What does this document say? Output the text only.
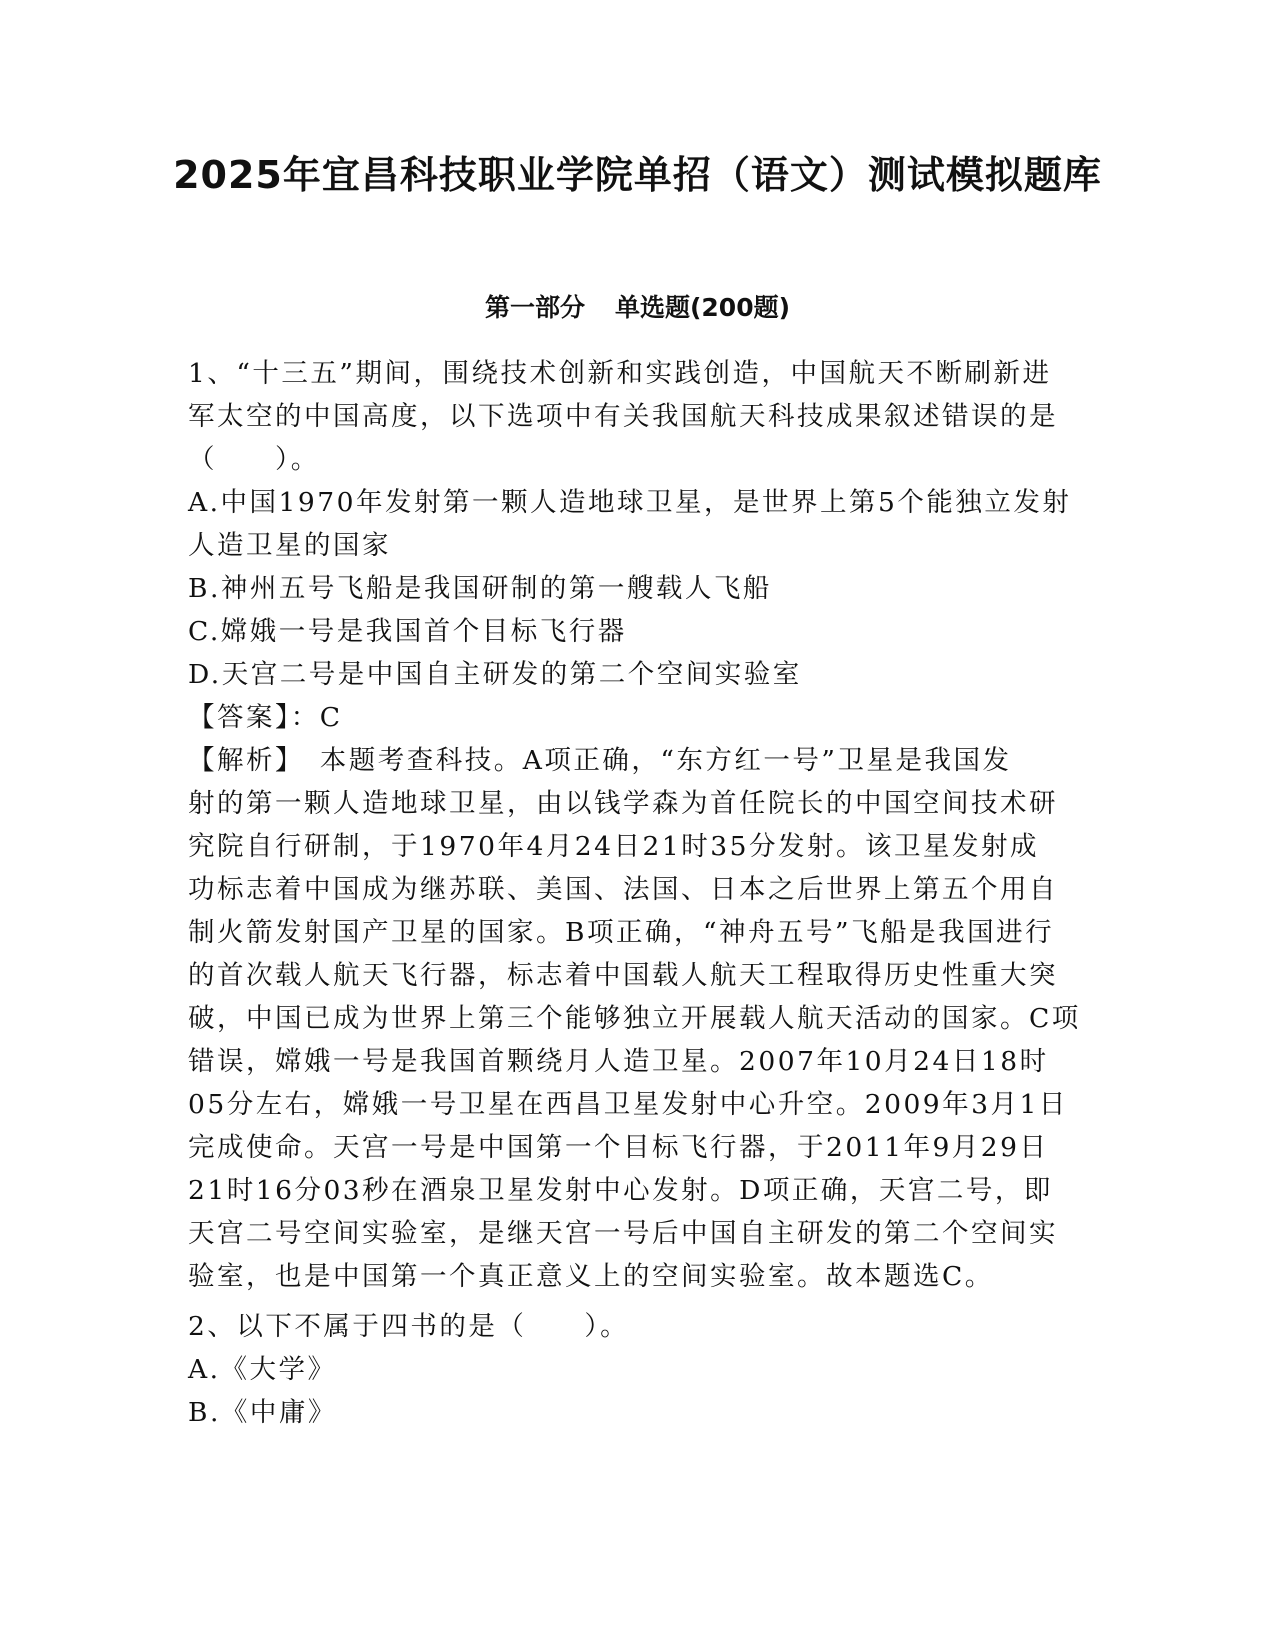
2025年宜昌科技职业学院单招（语文）测试模拟题库
第一部分 单选题(200题)
1、“十三五”期间，围绕技术创新和实践创造，中国航天不断刷新进
军太空的中国高度，以下选项中有关我国航天科技成果叙述错误的是
（　　）。
A.中国1970年发射第一颗人造地球卫星，是世界上第5个能独立发射
人造卫星的国家
B.神州五号飞船是我国研制的第一艘载人飞船
C.嫦娥一号是我国首个目标飞行器
D.天宫二号是中国自主研发的第二个空间实验室
【答案】：C
【解析】　本题考查科技。A项正确，“东方红一号”卫星是我国发
射的第一颗人造地球卫星，由以钱学森为首任院长的中国空间技术研
究院自行研制，于1970年4月24日21时35分发射。该卫星发射成
功标志着中国成为继苏联、美国、法国、日本之后世界上第五个用自
制火箭发射国产卫星的国家。B项正确，“神舟五号”飞船是我国进行
的首次载人航天飞行器，标志着中国载人航天工程取得历史性重大突
破，中国已成为世界上第三个能够独立开展载人航天活动的国家。C项
错误，嫦娥一号是我国首颗绕月人造卫星。2007年10月24日18时
05分左右，嫦娥一号卫星在西昌卫星发射中心升空。2009年3月1日
完成使命。天宫一号是中国第一个目标飞行器，于2011年9月29日
21时16分03秒在酒泉卫星发射中心发射。D项正确，天宫二号，即
天宫二号空间实验室，是继天宫一号后中国自主研发的第二个空间实
验室，也是中国第一个真正意义上的空间实验室。故本题选C。
2、以下不属于四书的是（　　）。
A.《大学》
B.《中庸》
